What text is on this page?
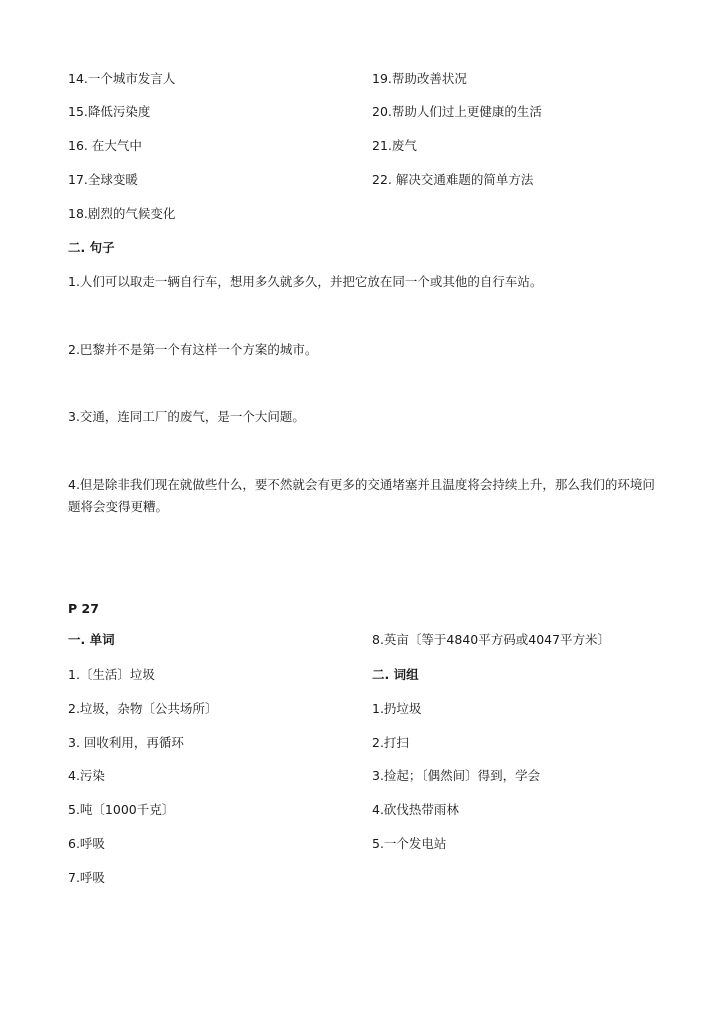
14.一个城市发言人
15.降低污染度
16. 在大气中
17.全球变暖
18.剧烈的气候变化
19.帮助改善状况
20.帮助人们过上更健康的生活
21.废气
22. 解决交通难题的简单方法
二. 句子
1.人们可以取走一辆自行车，想用多久就多久，并把它放在同一个或其他的自行车站。
2.巴黎并不是第一个有这样一个方案的城市。
3.交通，连同工厂的废气，是一个大问题。
4.但是除非我们现在就做些什么，要不然就会有更多的交通堵塞并且温度将会持续上升，那么我们的环境问题将会变得更糟。
P 27
一. 单词
1.〔生活〕垃圾
2.垃圾，杂物〔公共场所〕
3. 回收利用，再循环
4.污染
5.吨〔1000千克〕
6.呼吸
7.呼吸
8.英亩〔等于4840平方码或4047平方米〕
二. 词组
1.扔垃圾
2.打扫
3.捡起；〔偶然间〕得到，学会
4.砍伐热带雨林
5.一个发电站
